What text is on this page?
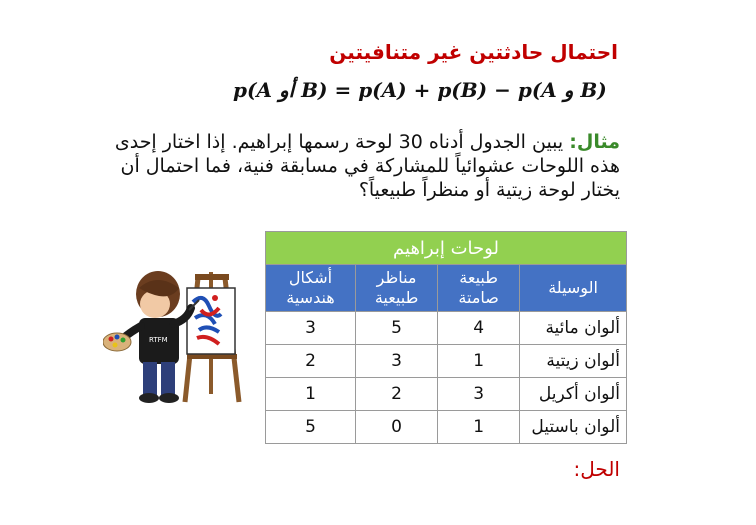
احتمال حادثتين غير متنافيتين
p(A أو B) = p(A) + p(B) − p(A و B)
مثال: يبين الجدول أدناه 30 لوحة رسمها إبراهيم. إذا اختار إحدى هذه اللوحات عشوائياً للمشاركة في مسابقة فنية، فما احتمال أن يختار لوحة زيتية أو منظراً طبيعياً؟
RTFM
لوحات إبراهيم			
الوسيلة	طبيعة صامتة	مناظر طبيعية	أشكال هندسية
ألوان مائية	4	5	3
ألوان زيتية	1	3	2
ألوان أكريل	3	2	1
ألوان باستيل	1	0	5
الحل:
